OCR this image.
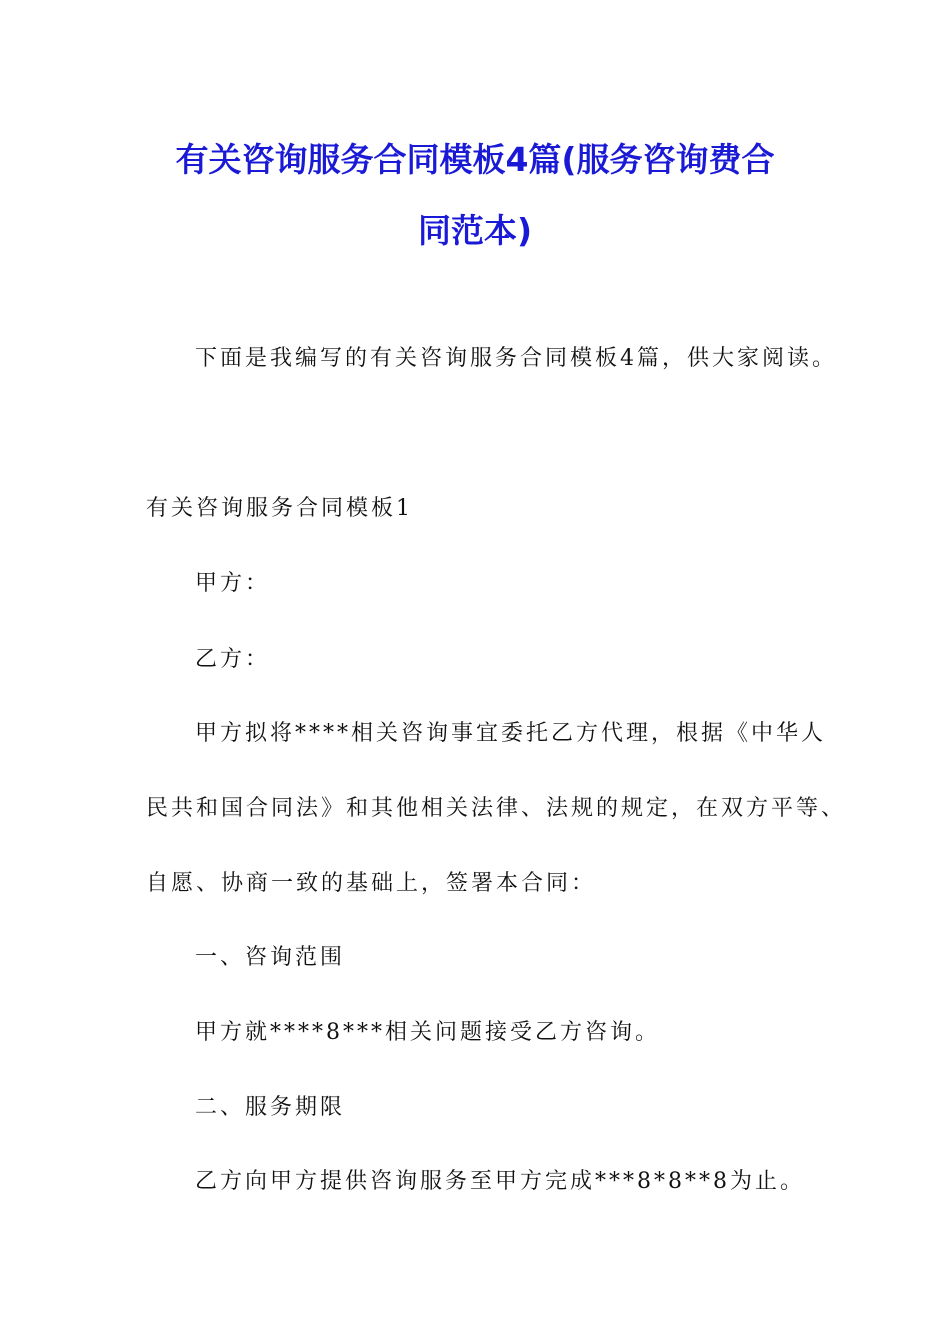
有关咨询服务合同模板4篇(服务咨询费合
同范本)
下面是我编写的有关咨询服务合同模板4篇，供大家阅读。
有关咨询服务合同模板1
甲方：
乙方：
甲方拟将****相关咨询事宜委托乙方代理，根据《中华人
民共和国合同法》和其他相关法律、法规的规定，在双方平等、
自愿、协商一致的基础上，签署本合同：
一、咨询范围
甲方就****8***相关问题接受乙方咨询。
二、服务期限
乙方向甲方提供咨询服务至甲方完成***8*8**8为止。
